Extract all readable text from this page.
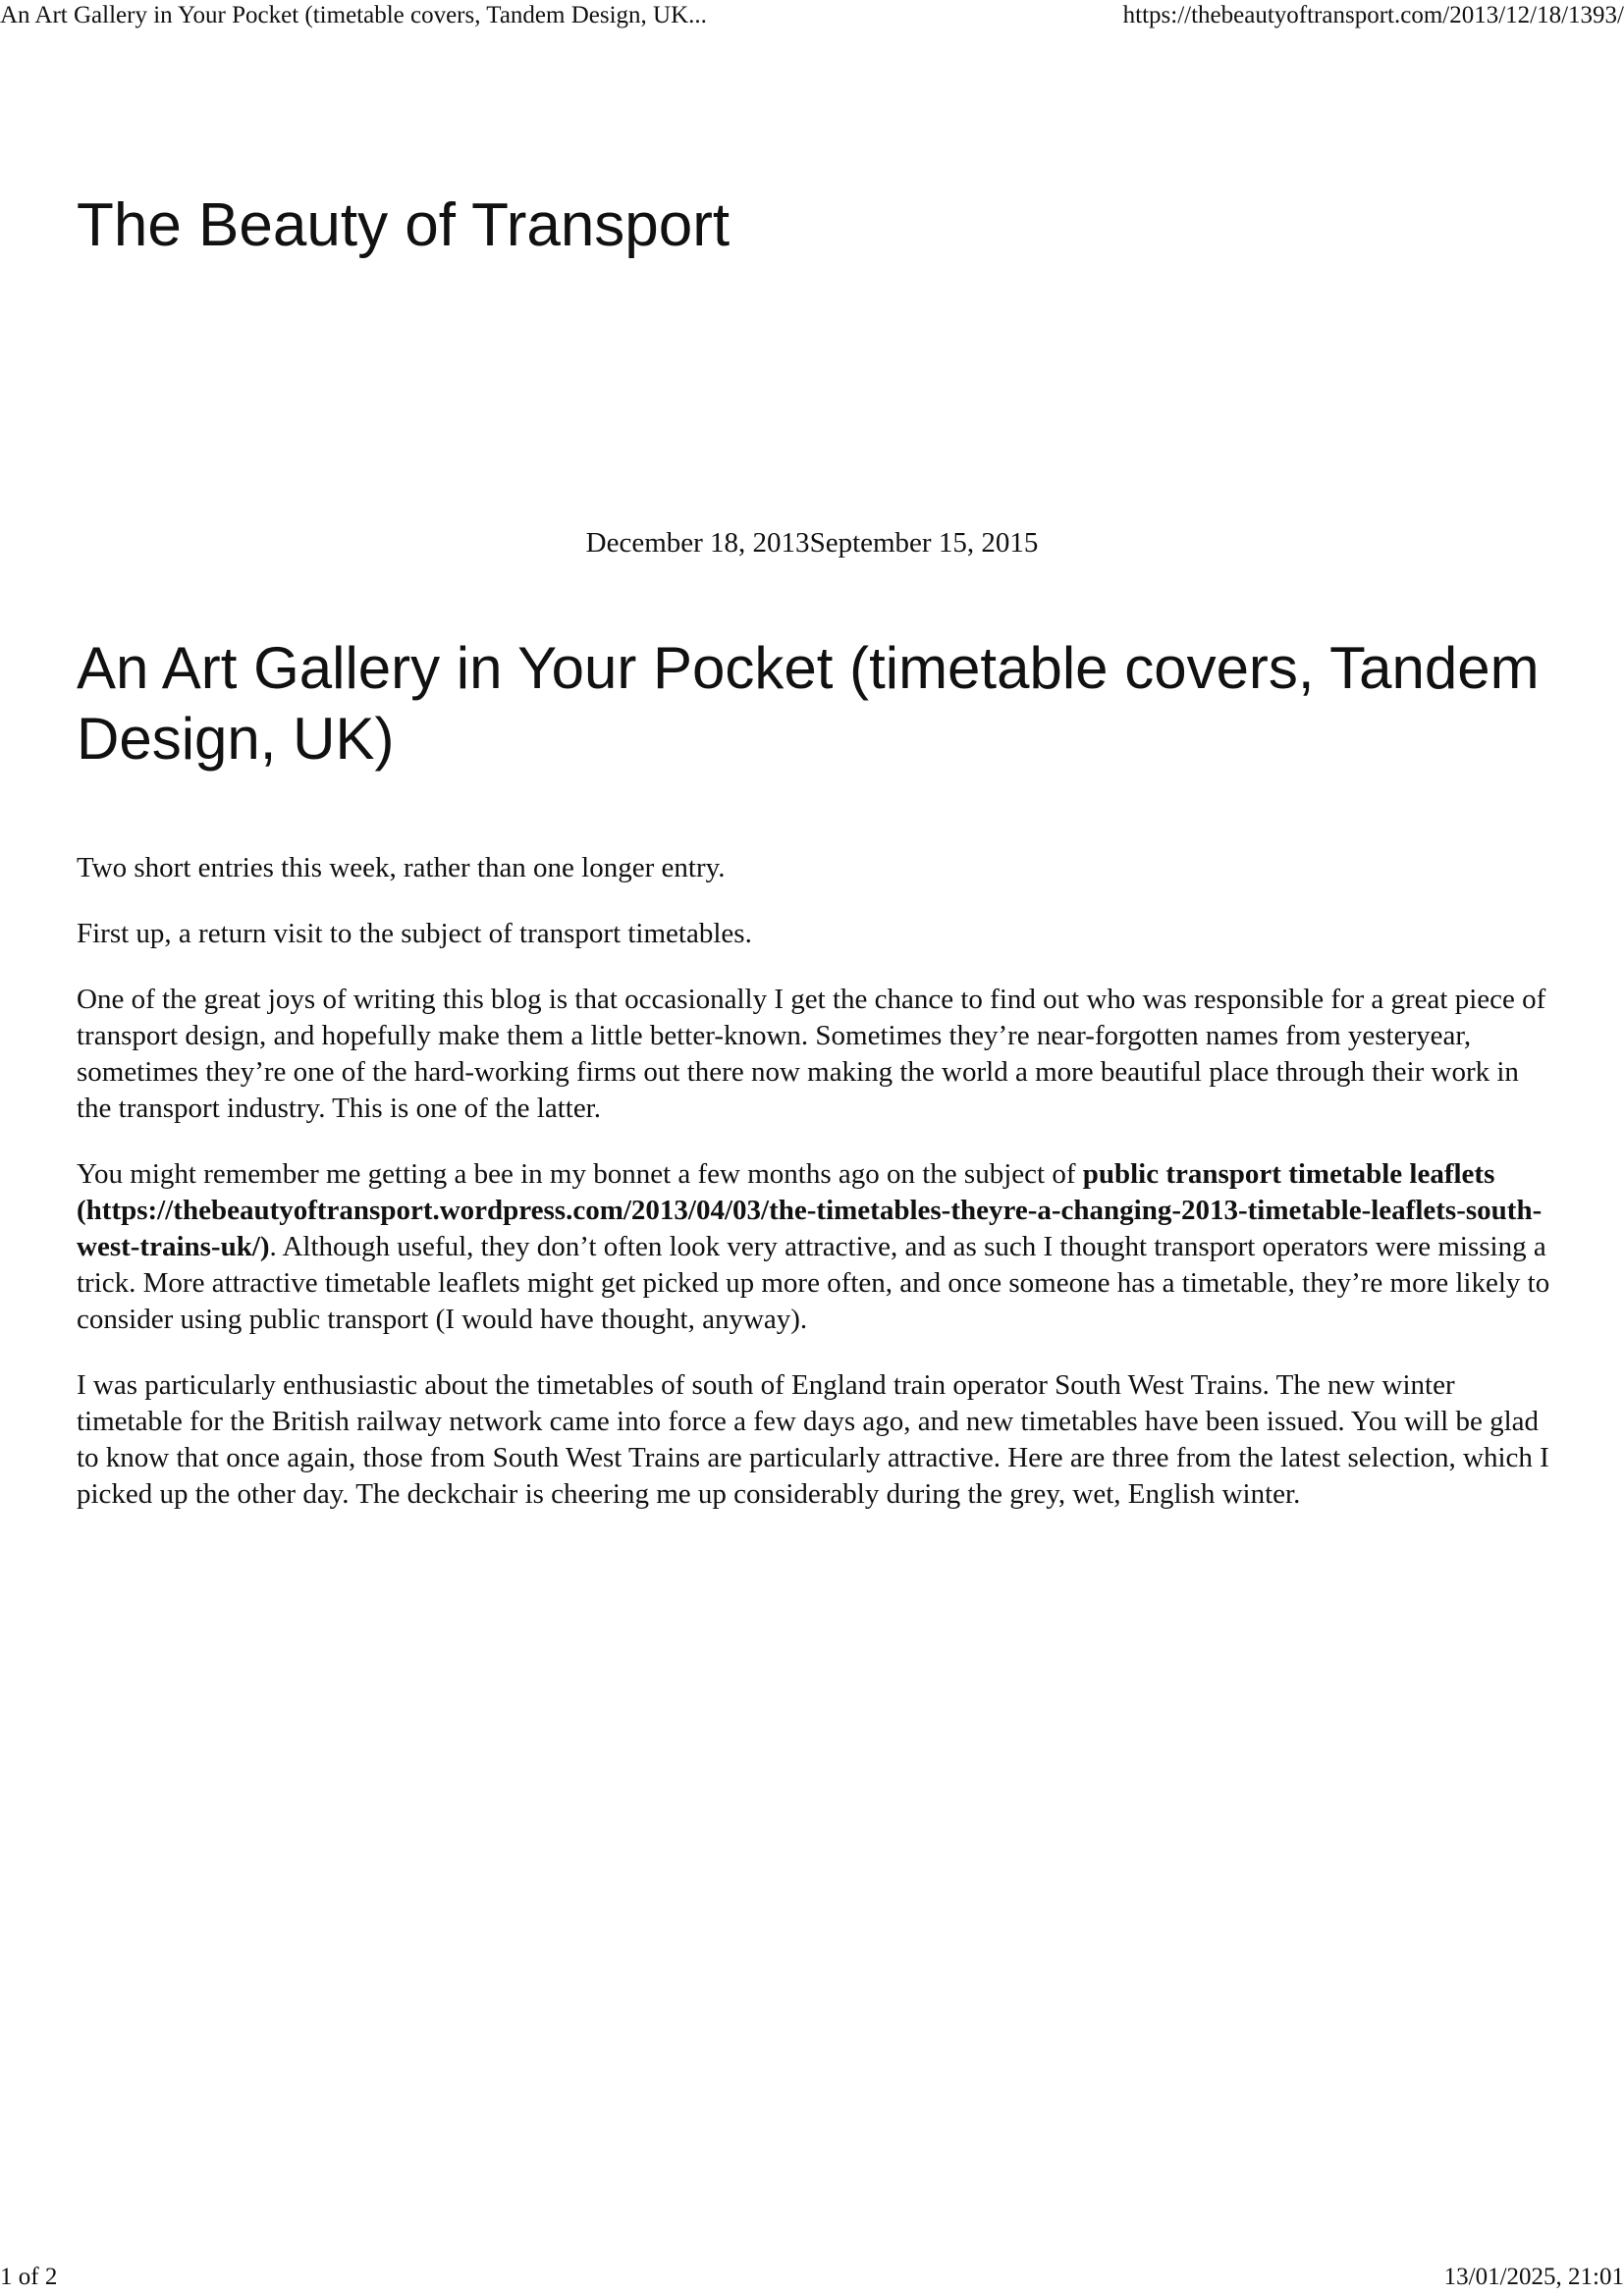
An Art Gallery in Your Pocket (timetable covers, Tandem Design, UK...	https://thebeautyoftransport.com/2013/12/18/1393/
The Beauty of Transport
December 18, 2013September 15, 2015
An Art Gallery in Your Pocket (timetable covers, Tandem Design, UK)

Two short entries this week, rather than one longer entry.

First up, a return visit to the subject of transport timetables.

One of the great joys of writing this blog is that occasionally I get the chance to find out who was responsible for a great piece of transport design, and hopefully make them a little better-known. Sometimes they’re near-forgotten names from yesteryear, sometimes they’re one of the hard-working firms out there now making the world a more beautiful place through their work in the transport industry. This is one of the latter.

You might remember me getting a bee in my bonnet a few months ago on the subject of public transport timetable leaflets (https://thebeautyoftransport.wordpress.com/2013/04/03/the-timetables-theyre-a-changing-2013-timetable-leaflets-south-west-trains-uk/). Although useful, they don’t often look very attractive, and as such I thought transport operators were missing a trick. More attractive timetable leaflets might get picked up more often, and once someone has a timetable, they’re more likely to consider using public transport (I would have thought, anyway).

I was particularly enthusiastic about the timetables of south of England train operator South West Trains. The new winter timetable for the British railway network came into force a few days ago, and new timetables have been issued. You will be glad to know that once again, those from South West Trains are particularly attractive. Here are three from the latest selection, which I picked up the other day. The deckchair is cheering me up considerably during the grey, wet, English winter.

1 of 2	13/01/2025, 21:01
